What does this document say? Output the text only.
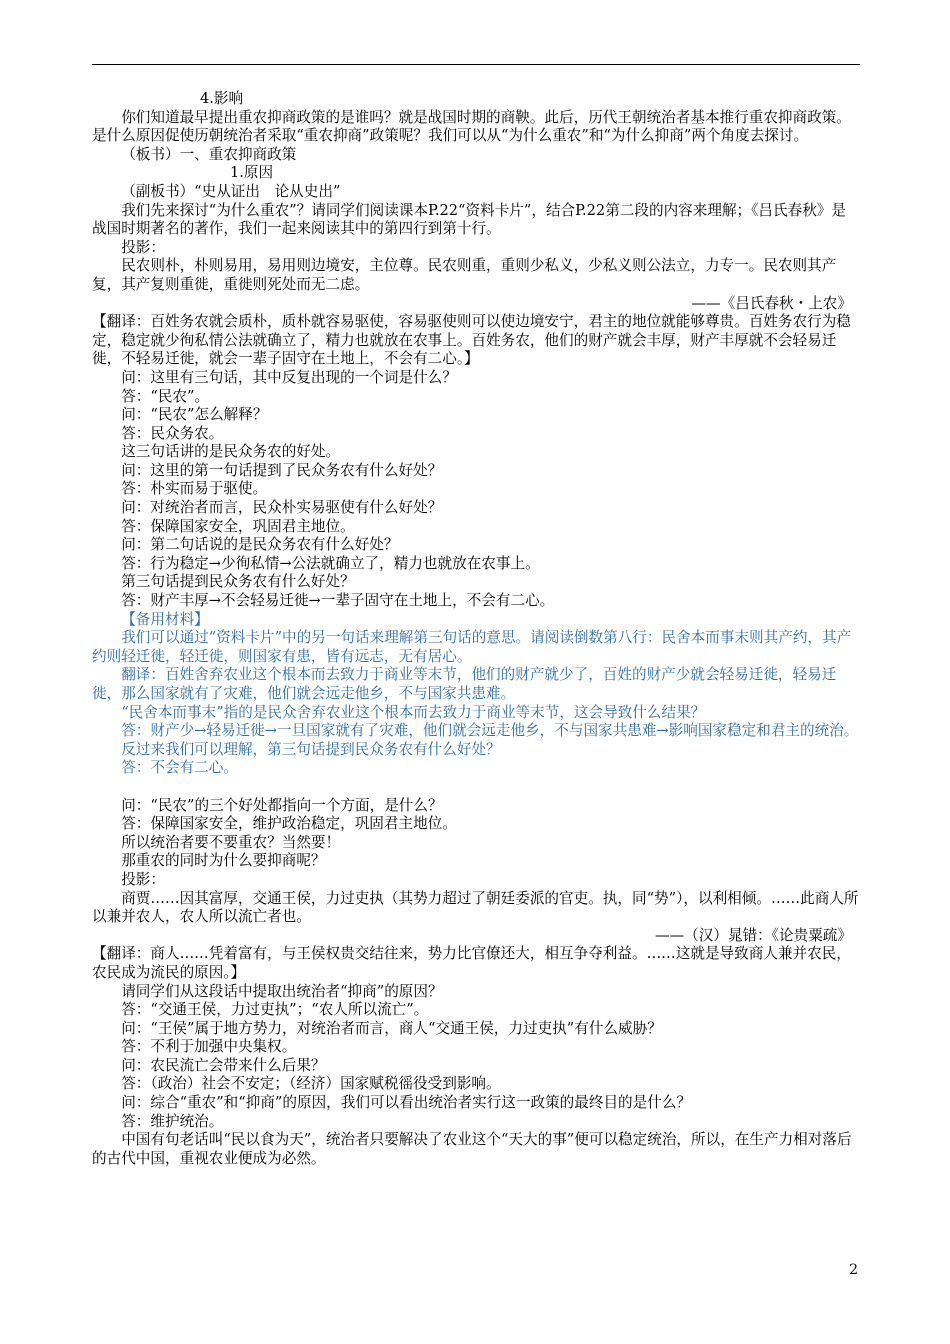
4.影响

你们知道最早提出重农抑商政策的是谁吗？就是战国时期的商鞅。此后，历代王朝统治者基本推行重农抑商政策。是什么原因促使历朝统治者采取“重农抑商”政策呢？我们可以从“为什么重农”和“为什么抑商”两个角度去探讨。

（板书）一、重农抑商政策

1.原因

（副板书）“史从证出　论从史出”

我们先来探讨“为什么重农”？请同学们阅读课本P.22“资料卡片”，结合P.22第二段的内容来理解；《吕氏春秋》是战国时期著名的著作，我们一起来阅读其中的第四行到第十行。

投影：

民农则朴，朴则易用，易用则边境安，主位尊。民农则重，重则少私义，少私义则公法立，力专一。民农则其产复，其产复则重徙，重徙则死处而无二虑。

——《吕氏春秋・上农》

【翻译：百姓务农就会质朴，质朴就容易驱使，容易驱使则可以使边境安宁，君主的地位就能够尊贵。百姓务农行为稳定，稳定就少徇私情公法就确立了，精力也就放在农事上。百姓务农，他们的财产就会丰厚，财产丰厚就不会轻易迁徙，不轻易迁徙，就会一辈子固守在土地上，不会有二心。】

问：这里有三句话，其中反复出现的一个词是什么？

答：“民农”。

问：“民农”怎么解释？

答：民众务农。

这三句话讲的是民众务农的好处。

问：这里的第一句话提到了民众务农有什么好处？

答：朴实而易于驱使。

问：对统治者而言，民众朴实易驱使有什么好处？

答：保障国家安全，巩固君主地位。

问：第二句话说的是民众务农有什么好处？

答：行为稳定→少徇私情→公法就确立了，精力也就放在农事上。

第三句话提到民众务农有什么好处？

答：财产丰厚→不会轻易迁徙→一辈子固守在土地上，不会有二心。

【备用材料】

我们可以通过“资料卡片”中的另一句话来理解第三句话的意思。请阅读倒数第八行：民舍本而事末则其产约，其产约则轻迁徙，轻迁徙，则国家有患，皆有远志，无有居心。

翻译：百姓舍弃农业这个根本而去致力于商业等末节，他们的财产就少了，百姓的财产少就会轻易迁徙，轻易迁徙，那么国家就有了灾难，他们就会远走他乡，不与国家共患难。

“民舍本而事末”指的是民众舍弃农业这个根本而去致力于商业等末节，这会导致什么结果？

答：财产少→轻易迁徙→一旦国家就有了灾难，他们就会远走他乡，不与国家共患难→影响国家稳定和君主的统治。

反过来我们可以理解，第三句话提到民众务农有什么好处？

答：不会有二心。

问：“民农”的三个好处都指向一个方面，是什么？

答：保障国家安全，维护政治稳定，巩固君主地位。

所以统治者要不要重农？当然要！

那重农的同时为什么要抑商呢？

投影：

商贾……因其富厚，交通王侯，力过吏执（其势力超过了朝廷委派的官吏。执，同“势”），以利相倾。……此商人所以兼并农人，农人所以流亡者也。

——（汉）晁错：《论贵粟疏》

【翻译：商人……凭着富有，与王侯权贵交结往来，势力比官僚还大，相互争夺利益。……这就是导致商人兼并农民，农民成为流民的原因。】

请同学们从这段话中提取出统治者“抑商”的原因？

答：“交通王侯，力过吏执”；“农人所以流亡”。

问：“王侯”属于地方势力，对统治者而言，商人“交通王侯，力过吏执”有什么威胁？

答：不利于加强中央集权。

问：农民流亡会带来什么后果？

答：（政治）社会不安定；（经济）国家赋税徭役受到影响。

问：综合“重农”和“抑商”的原因，我们可以看出统治者实行这一政策的最终目的是什么？

答：维护统治。

中国有句老话叫“民以食为天”，统治者只要解决了农业这个“天大的事”便可以稳定统治，所以，在生产力相对落后的古代中国，重视农业便成为必然。

2
